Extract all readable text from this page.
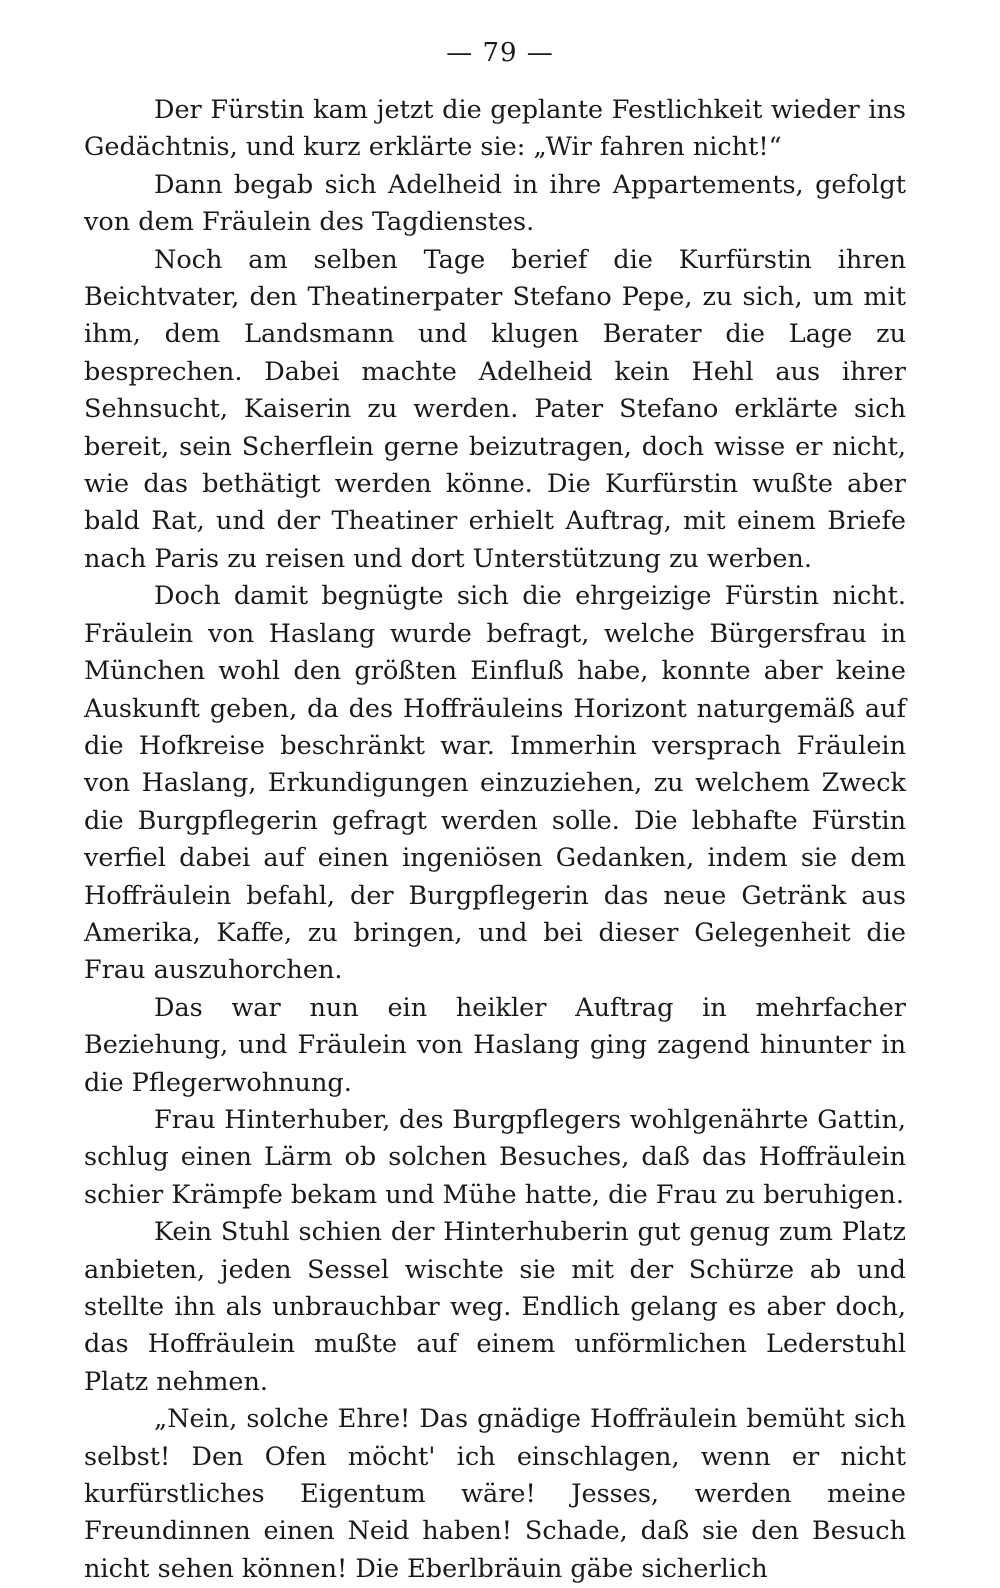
— 79 —

Der Fürstin kam jetzt die geplante Festlichkeit wieder ins Gedächtnis, und kurz erklärte sie: „Wir fahren nicht!“

Dann begab sich Adelheid in ihre Appartements, gefolgt von dem Fräulein des Tagdienstes.

Noch am selben Tage berief die Kurfürstin ihren Beichtvater, den Theatinerpater Stefano Pepe, zu sich, um mit ihm, dem Landsmann und klugen Berater die Lage zu besprechen. Dabei machte Adelheid kein Hehl aus ihrer Sehnsucht, Kaiserin zu werden. Pater Stefano erklärte sich bereit, sein Scherflein gerne beizutragen, doch wisse er nicht, wie das bethätigt werden könne. Die Kurfürstin wußte aber bald Rat, und der Theatiner erhielt Auftrag, mit einem Briefe nach Paris zu reisen und dort Unterstützung zu werben.

Doch damit begnügte sich die ehrgeizige Fürstin nicht. Fräulein von Haslang wurde befragt, welche Bürgersfrau in München wohl den größten Einfluß habe, konnte aber keine Auskunft geben, da des Hoffräuleins Horizont naturgemäß auf die Hofkreise beschränkt war. Immerhin versprach Fräulein von Haslang, Erkundigungen einzuziehen, zu welchem Zweck die Burgpflegerin gefragt werden solle. Die lebhafte Fürstin verfiel dabei auf einen ingeniösen Gedanken, indem sie dem Hoffräulein befahl, der Burgpflegerin das neue Getränk aus Amerika, Kaffe, zu bringen, und bei dieser Gelegenheit die Frau auszuhorchen.

Das war nun ein heikler Auftrag in mehrfacher Beziehung, und Fräulein von Haslang ging zagend hinunter in die Pflegerwohnung.

Frau Hinterhuber, des Burgpflegers wohlgenährte Gattin, schlug einen Lärm ob solchen Besuches, daß das Hoffräulein schier Krämpfe bekam und Mühe hatte, die Frau zu beruhigen.

Kein Stuhl schien der Hinterhuberin gut genug zum Platz anbieten, jeden Sessel wischte sie mit der Schürze ab und stellte ihn als unbrauchbar weg. Endlich gelang es aber doch, das Hoffräulein mußte auf einem unförmlichen Lederstuhl Platz nehmen.

„Nein, solche Ehre! Das gnädige Hoffräulein bemüht sich selbst! Den Ofen möcht' ich einschlagen, wenn er nicht kurfürstliches Eigentum wäre! Jesses, werden meine Freundinnen einen Neid haben! Schade, daß sie den Besuch nicht sehen können! Die Eberlbräuin gäbe sicherlich
